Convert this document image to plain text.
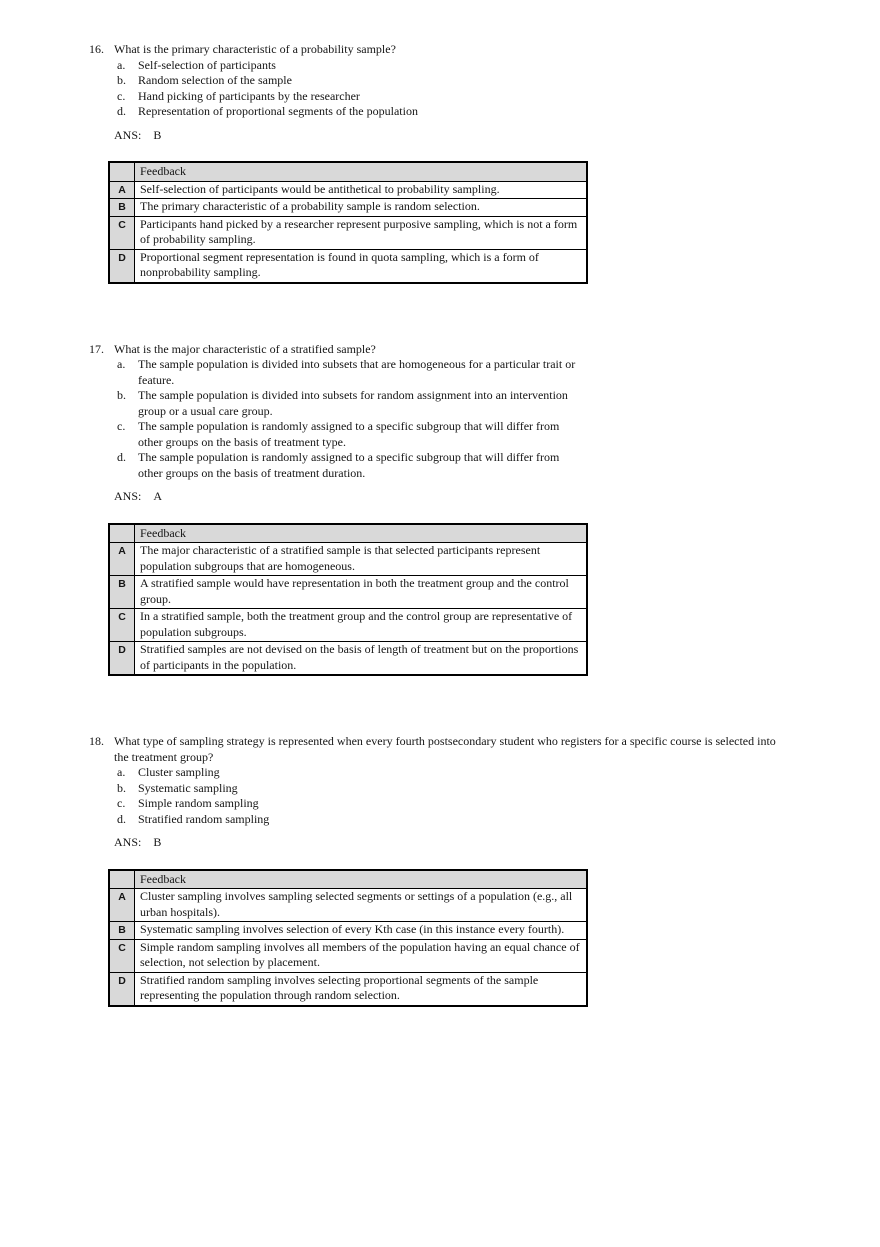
16. What is the primary characteristic of a probability sample?
a.	Self-selection of participants
b.	Random selection of the sample
c.	Hand picking of participants by the researcher
d.	Representation of proportional segments of the population
ANS: B
	Feedback
A	Self-selection of participants would be antithetical to probability sampling.
B	The primary characteristic of a probability sample is random selection.
C	Participants hand picked by a researcher represent purposive sampling, which is not a form of probability sampling.
D	Proportional segment representation is found in quota sampling, which is a form of nonprobability sampling.
17. What is the major characteristic of a stratified sample?
a.	The sample population is divided into subsets that are homogeneous for a particular trait or feature.
b.	The sample population is divided into subsets for random assignment into an intervention group or a usual care group.
c.	The sample population is randomly assigned to a specific subgroup that will differ from other groups on the basis of treatment type.
d.	The sample population is randomly assigned to a specific subgroup that will differ from other groups on the basis of treatment duration.
ANS: A
	Feedback
A	The major characteristic of a stratified sample is that selected participants represent population subgroups that are homogeneous.
B	A stratified sample would have representation in both the treatment group and the control group.
C	In a stratified sample, both the treatment group and the control group are representative of population subgroups.
D	Stratified samples are not devised on the basis of length of treatment but on the proportions of participants in the population.
18. What type of sampling strategy is represented when every fourth postsecondary student who registers for a specific course is selected into the treatment group?
a.	Cluster sampling
b.	Systematic sampling
c.	Simple random sampling
d.	Stratified random sampling
ANS: B
	Feedback
A	Cluster sampling involves sampling selected segments or settings of a population (e.g., all urban hospitals).
B	Systematic sampling involves selection of every Kth case (in this instance every fourth).
C	Simple random sampling involves all members of the population having an equal chance of selection, not selection by placement.
D	Stratified random sampling involves selecting proportional segments of the sample representing the population through random selection.
